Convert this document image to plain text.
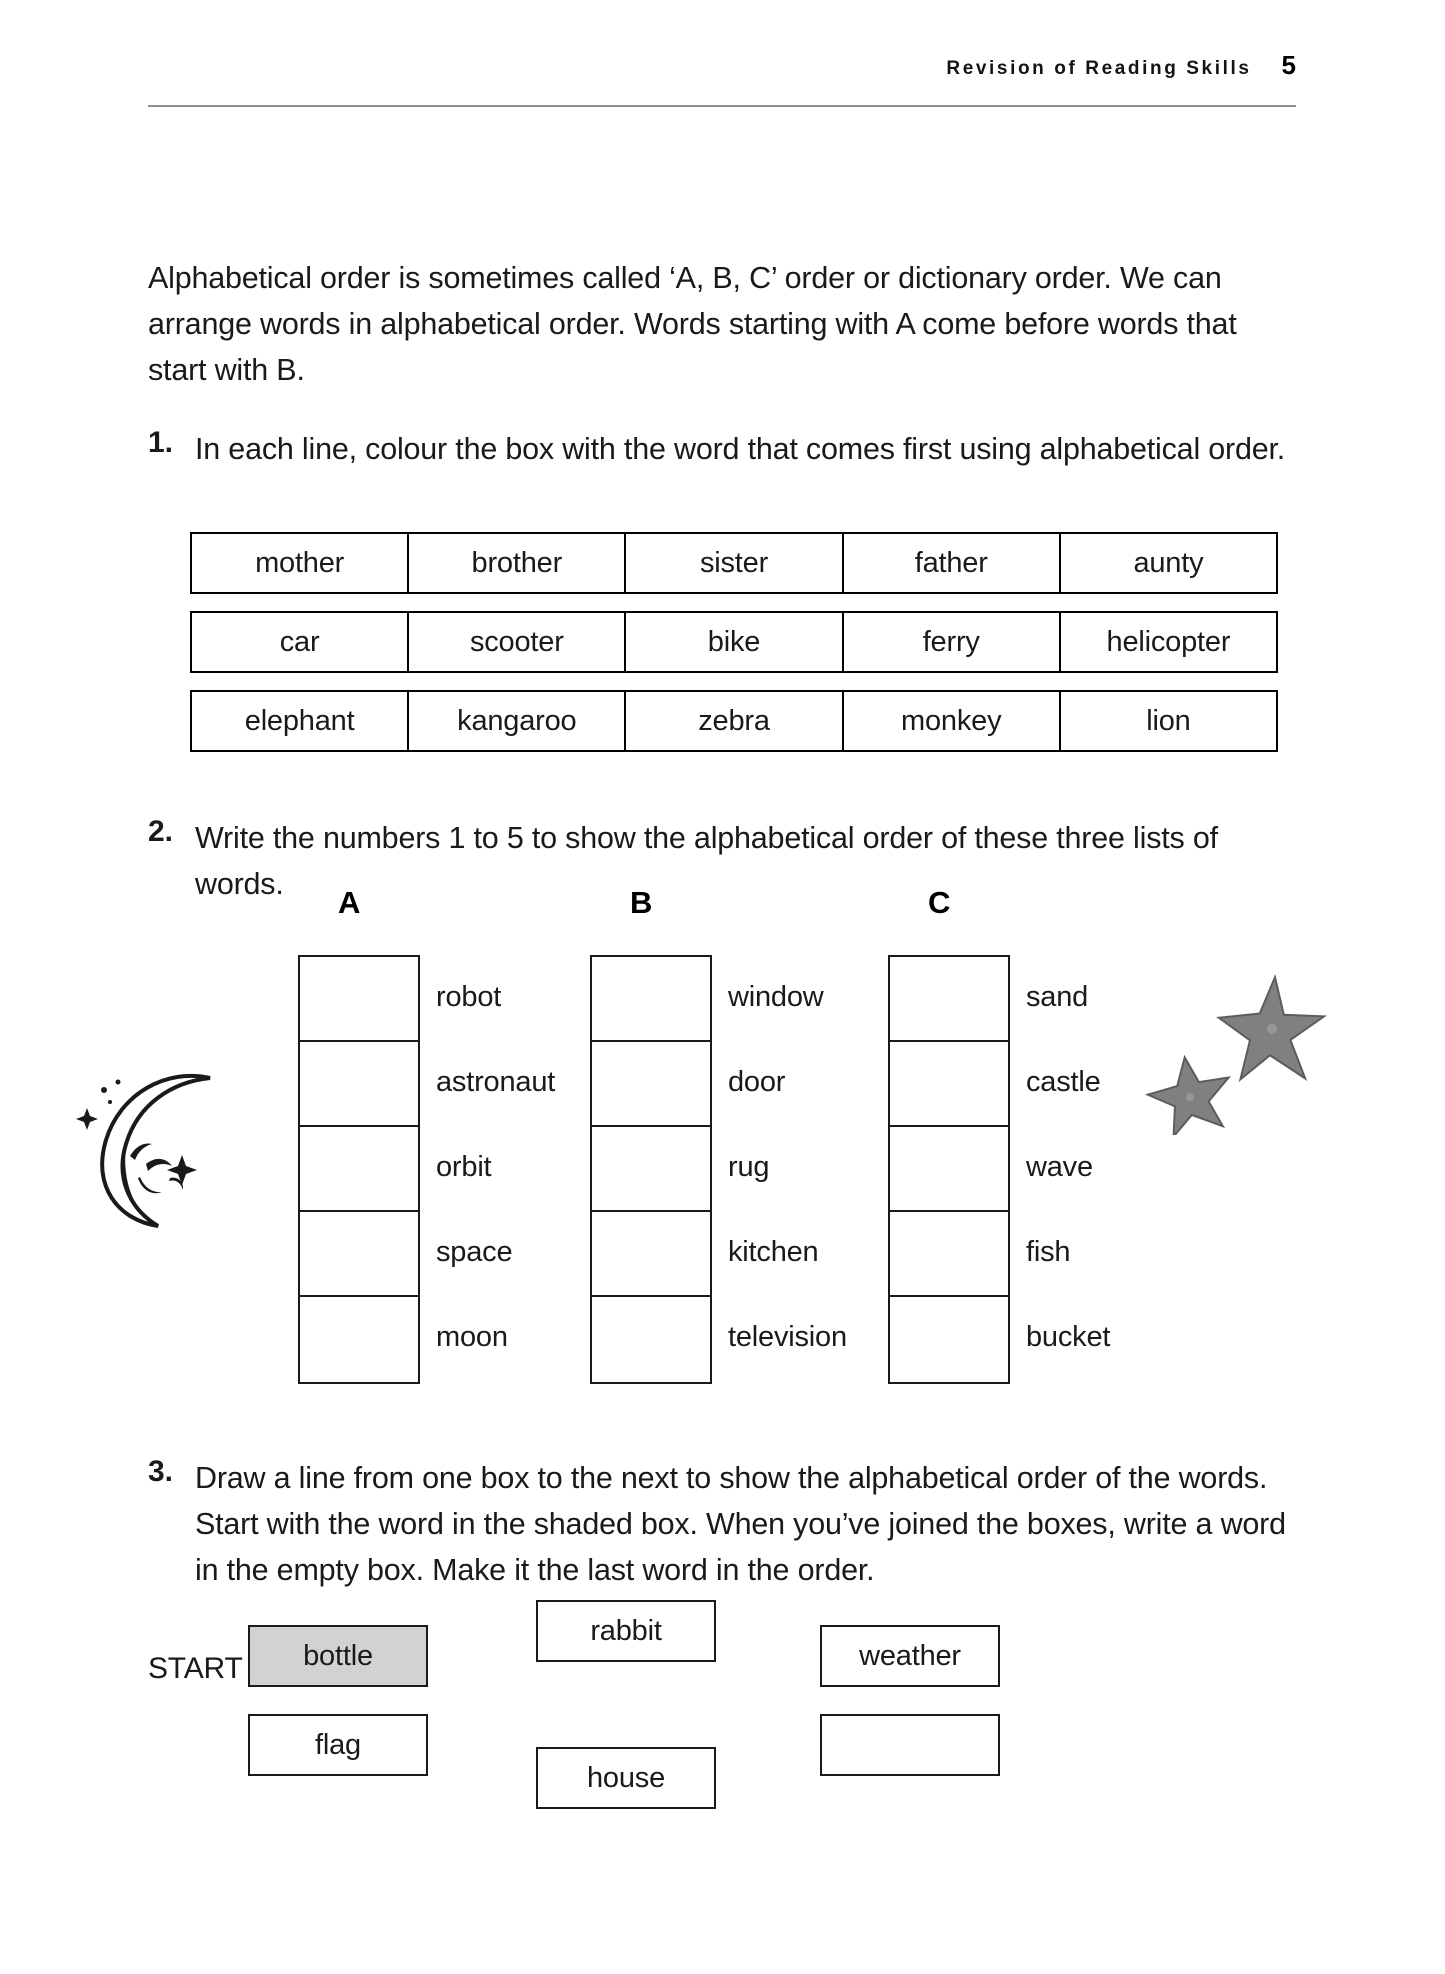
Revision of Reading Skills 5
Alphabetical order is sometimes called ‘A, B, C’ order or dictionary order. We can arrange words in alphabetical order. Words starting with A come before words that start with B.
1. In each line, colour the box with the word that comes first using alphabetical order.
mother	brother	sister	father	aunty
car	scooter	bike	ferry	helicopter
elephant	kangaroo	zebra	monkey	lion
2. Write the numbers 1 to 5 to show the alphabetical order of these three lists of words.
A
robot
astronaut
orbit
space
moon
B
window
door
rug
kitchen
television
C
sand
castle
wave
fish
bucket
3. Draw a line from one box to the next to show the alphabetical order of the words. Start with the word in the shaded box. When you’ve joined the boxes, write a word in the empty box. Make it the last word in the order.
START	bottle
rabbit
weather
flag
house
